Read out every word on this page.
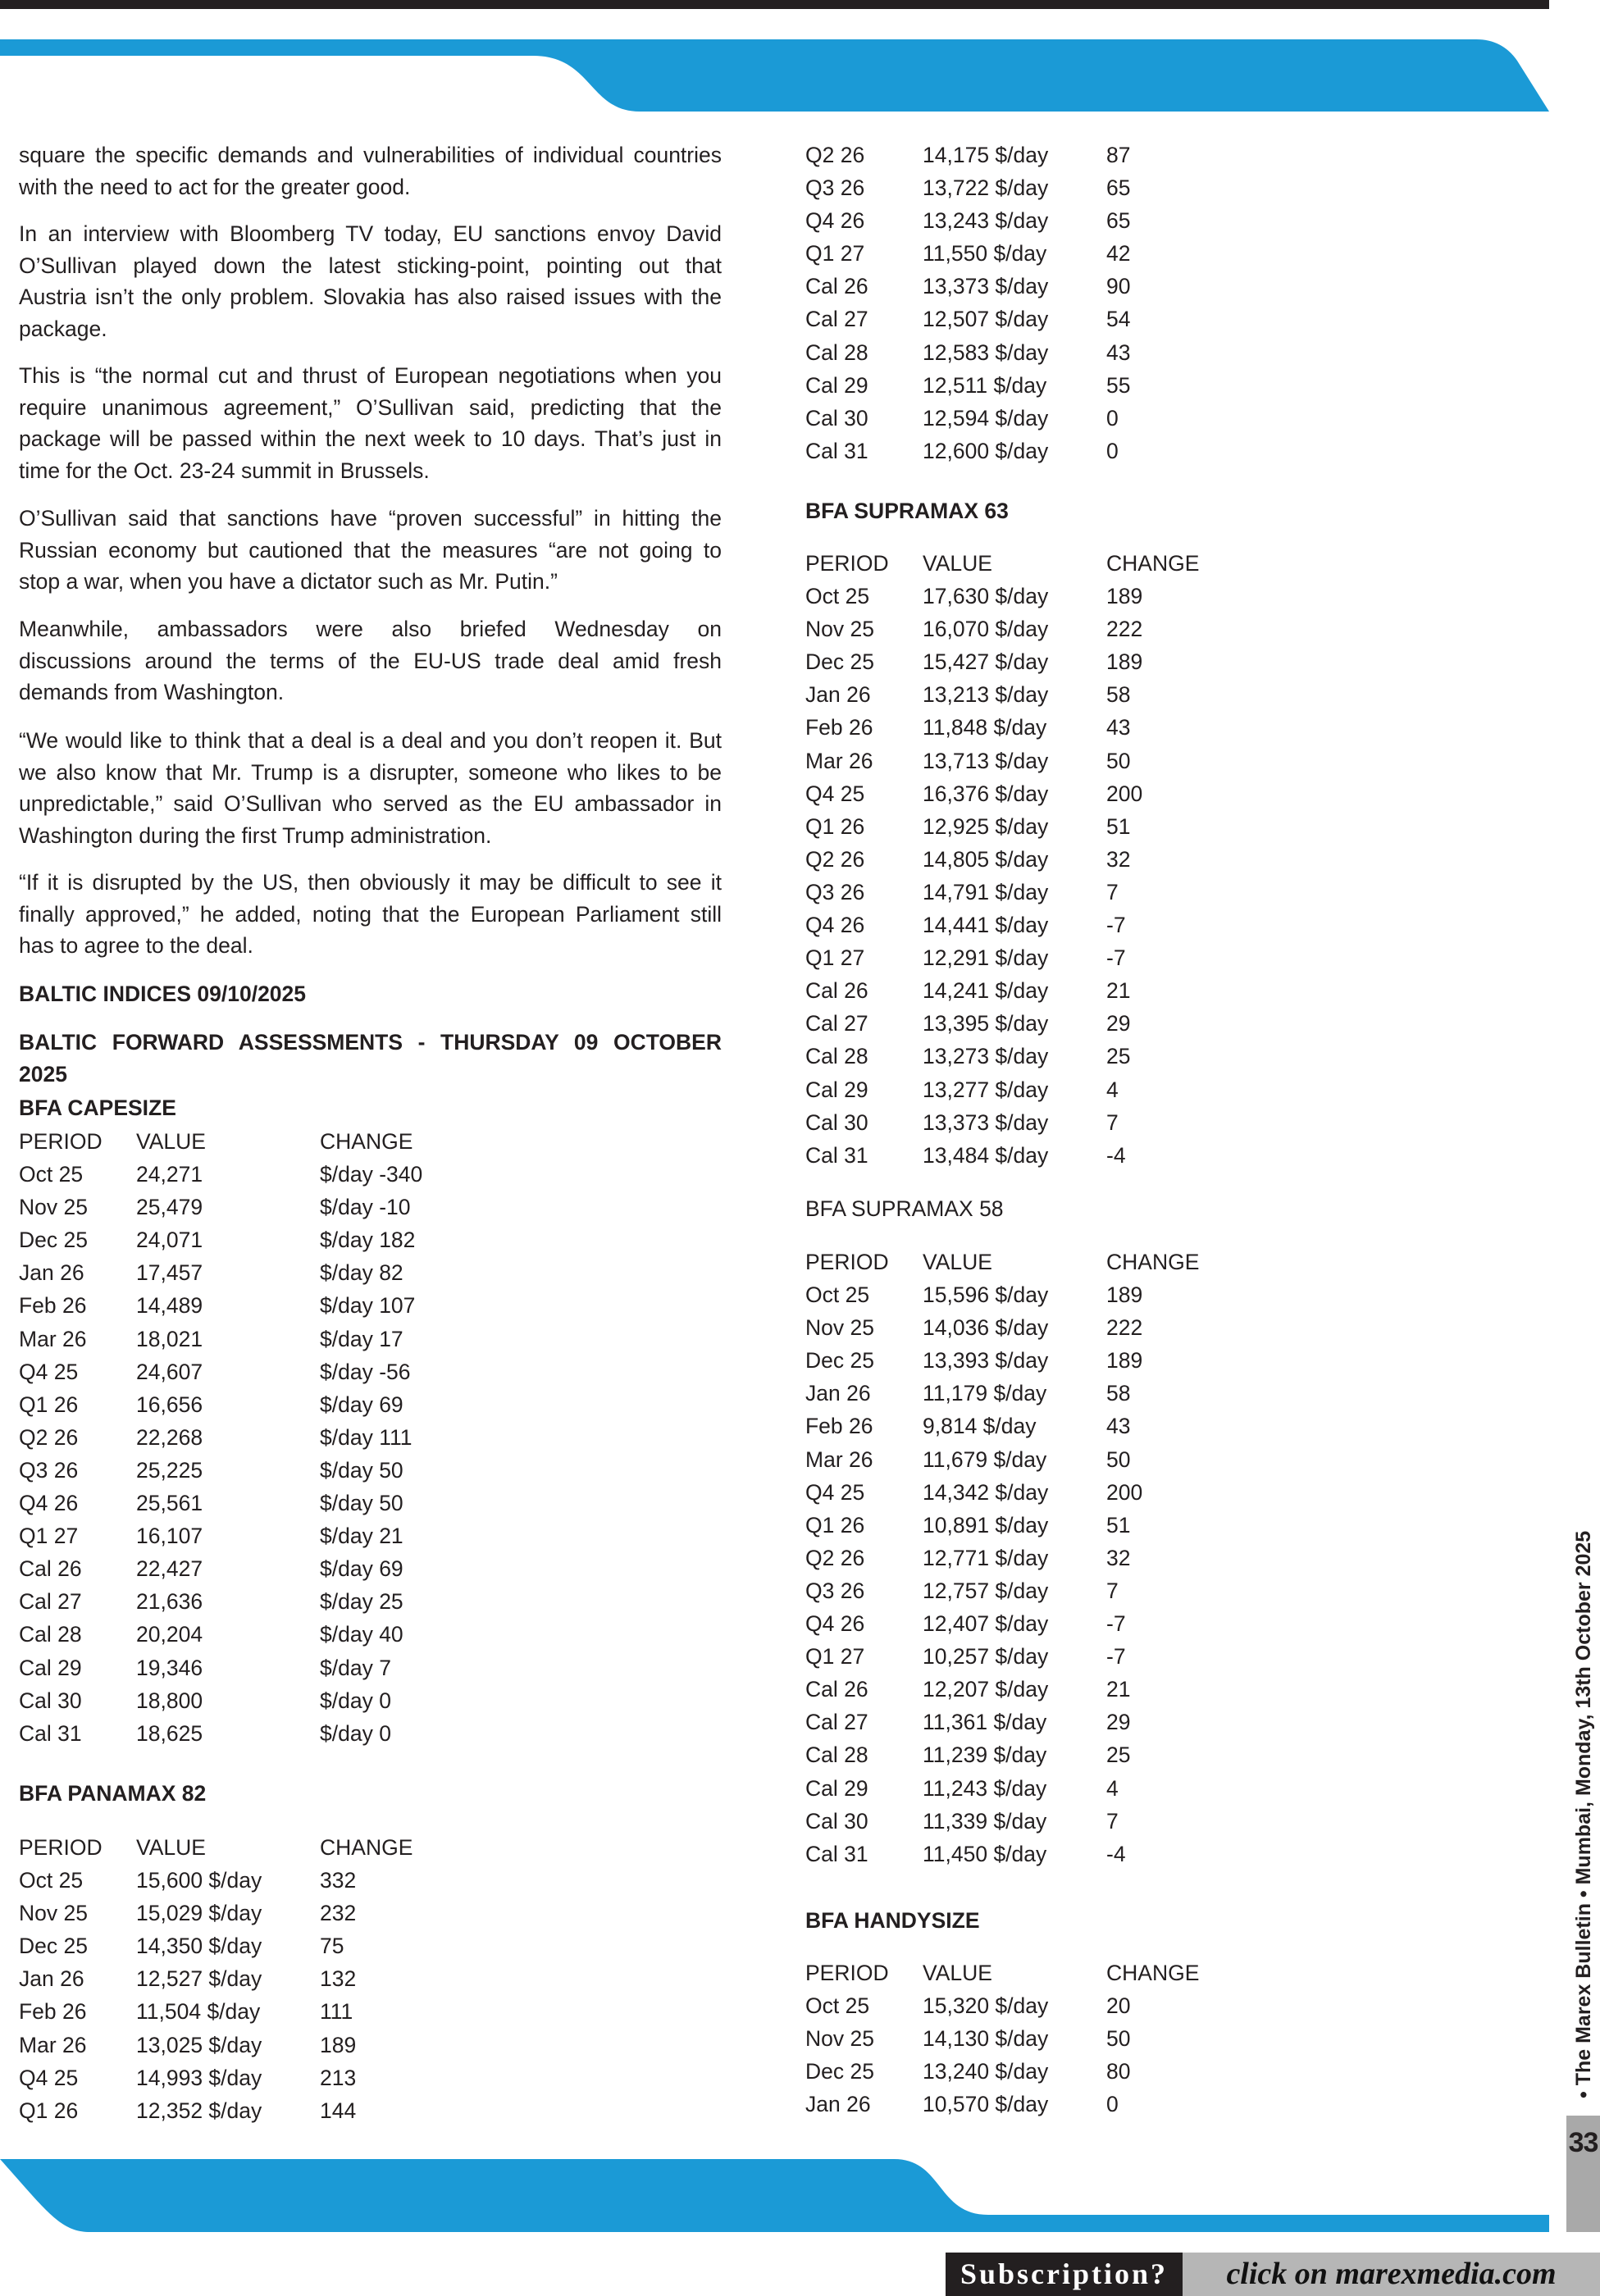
square the specific demands and vulnerabilities of individual countries
with the need to act for the greater good.
In an interview with Bloomberg TV today, EU sanctions envoy David
O’Sullivan played down the latest sticking-point, pointing out that
Austria isn’t the only problem. Slovakia has also raised issues with the
package.
This is “the normal cut and thrust of European negotiations when you
require unanimous agreement,” O’Sullivan said, predicting that the
package will be passed within the next week to 10 days. That’s just in
time for the Oct. 23-24 summit in Brussels.
O’Sullivan said that sanctions have “proven successful” in hitting the
Russian economy but cautioned that the measures “are not going to
stop a war, when you have a dictator such as Mr. Putin.”
Meanwhile, ambassadors were also briefed Wednesday on
discussions around the terms of the EU-US trade deal amid fresh
demands from Washington.
“We would like to think that a deal is a deal and you don’t reopen it. But
we also know that Mr. Trump is a disrupter, someone who likes to be
unpredictable,” said O’Sullivan who served as the EU ambassador in
Washington during the first Trump administration.
“If it is disrupted by the US, then obviously it may be difficult to see it
finally approved,” he added, noting that the European Parliament still
has to agree to the deal.
BALTIC INDICES 09/10/2025
BALTIC FORWARD ASSESSMENTS - THURSDAY 09 OCTOBER
2025
BFA CAPESIZE
PERIOD VALUE	CHANGE
Oct 25 24,271	$/day -340
Nov 25 25,479	$/day -10
Dec 25 24,071	$/day 182
Jan 26 17,457	$/day 82
Feb 26 14,489	$/day 107
Mar 26 18,021	$/day 17
Q4 25	24,607	$/day -56
Q1 26	16,656	$/day 69
Q2 26	22,268	$/day 111
Q3 26	25,225	$/day 50
Q4 26	25,561	$/day 50
Q1 27	16,107	$/day 21
Cal 26	22,427	$/day 69
Cal 27	21,636	$/day 25
Cal 28	20,204	$/day 40
Cal 29	19,346	$/day 7
Cal 30	18,800	$/day 0
Cal 31	18,625	$/day 0
BFA PANAMAX 82
PERIOD VALUE	CHANGE
Oct 25 15,600 $/day	332
Nov 25 15,029 $/day	232
Dec 25 14,350 $/day	75
Jan 26 12,527 $/day	132
Feb 26 11,504 $/day	111
Mar 26 13,025 $/day	189
Q4 25	14,993 $/day	213
Q1 26	12,352 $/day	144
Q2 26	14,175 $/day	87
Q3 26	13,722 $/day	65
Q4 26	13,243 $/day	65
Q1 27	11,550 $/day	42
Cal 26	13,373 $/day	90
Cal 27	12,507 $/day	54
Cal 28	12,583 $/day	43
Cal 29	12,511 $/day	55
Cal 30	12,594 $/day	0
Cal 31	12,600 $/day	0
BFA SUPRAMAX 63
PERIOD VALUE	CHANGE
Oct 25 17,630 $/day	189
Nov 25 16,070 $/day	222
Dec 25 15,427 $/day	189
Jan 26 13,213 $/day	58
Feb 26 11,848 $/day	43
Mar 26 13,713 $/day	50
Q4 25	16,376 $/day	200
Q1 26	12,925 $/day	51
Q2 26	14,805 $/day	32
Q3 26	14,791 $/day	7
Q4 26	14,441 $/day	-7
Q1 27	12,291 $/day	-7
Cal 26	14,241 $/day	21
Cal 27	13,395 $/day	29
Cal 28	13,273 $/day	25
Cal 29	13,277 $/day	4
Cal 30	13,373 $/day	7
Cal 31	13,484 $/day	-4
BFA SUPRAMAX 58
PERIOD VALUE	CHANGE
Oct 25 15,596 $/day	189
Nov 25 14,036 $/day	222
Dec 25 13,393 $/day	189
Jan 26 11,179 $/day	58
Feb 26 9,814 $/day	43
Mar 26 11,679 $/day	50
Q4 25	14,342 $/day	200
Q1 26	10,891 $/day	51
Q2 26	12,771 $/day	32
Q3 26	12,757 $/day	7
Q4 26	12,407 $/day	-7
Q1 27	10,257 $/day	-7
Cal 26	12,207 $/day	21
Cal 27	11,361 $/day	29
Cal 28	11,239 $/day	25
Cal 29	11,243 $/day	4
Cal 30	11,339 $/day	7
Cal 31	11,450 $/day	-4
BFA HANDYSIZE
PERIOD VALUE	CHANGE
Oct 25 15,320 $/day	20
Nov 25 14,130 $/day	50
Dec 25 13,240 $/day	80
Jan 26 10,570 $/day	0
• The Marex Bulletin • Mumbai, Monday, 13th October 2025
33
Subscription?	click on marexmedia.com
